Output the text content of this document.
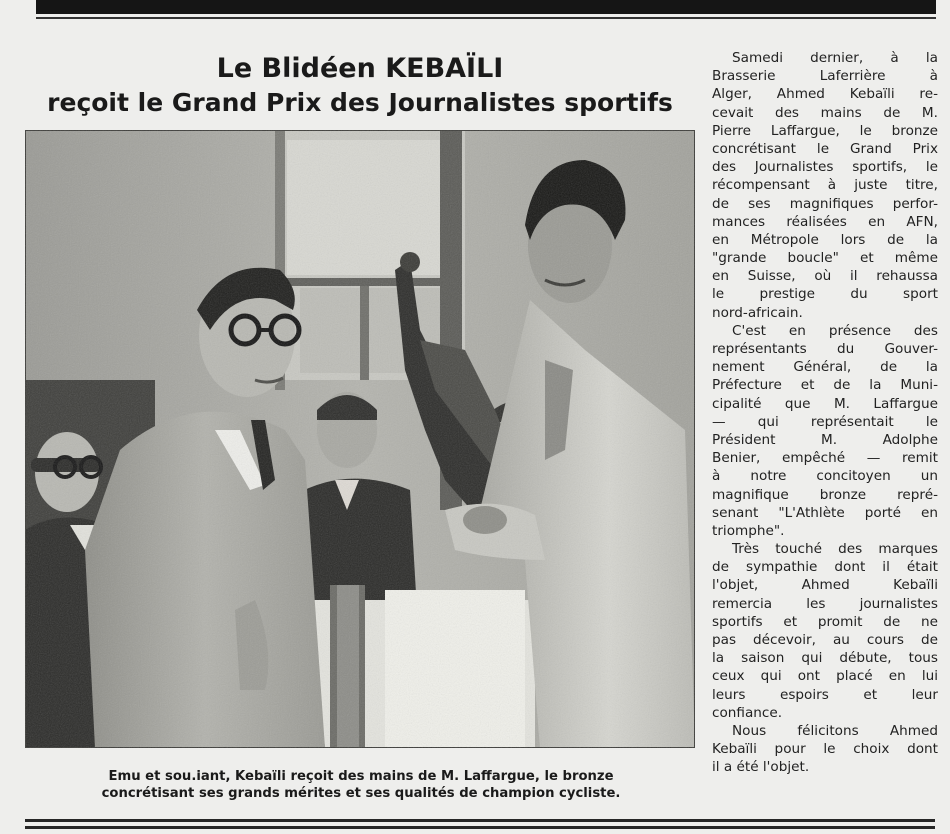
Le Blidéen KEBAÏLI
reçoit le Grand Prix des Journalistes sportifs
Emu et sou.iant, Kebaïli reçoit des mains de M. Laffargue, le bronze
concrétisant ses grands mérites et ses qualités de champion cycliste.
Samedi dernier, à la
Brasserie Laferrière à
Alger, Ahmed Kebaïli re-
cevait des mains de M.
Pierre Laffargue, le bronze
concrétisant le Grand Prix
des Journalistes sportifs, le
récompensant à juste titre,
de ses magnifiques perfor-
mances réalisées en AFN,
en Métropole lors de la
"grande boucle" et même
en Suisse, où il rehaussa
le prestige du sport
nord-africain.
C'est en présence des
représentants du Gouver-
nement Général, de la
Préfecture et de la Muni-
cipalité que M. Laffargue
— qui représentait le
Président M. Adolphe
Benier, empêché — remit
à notre concitoyen un
magnifique bronze repré-
senant "L'Athlète porté en
triomphe".
Très touché des marques
de sympathie dont il était
l'objet, Ahmed Kebaïli
remercia les journalistes
sportifs et promit de ne
pas décevoir, au cours de
la saison qui débute, tous
ceux qui ont placé en lui
leurs espoirs et leur
confiance.
Nous félicitons Ahmed
Kebaïli pour le choix dont
il a été l'objet.
